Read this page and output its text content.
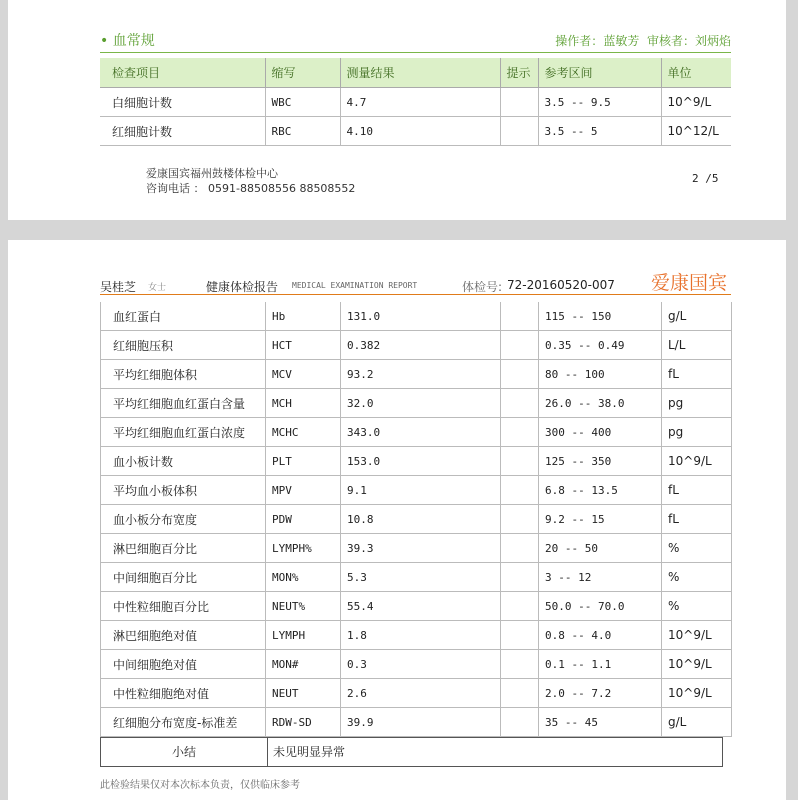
• 血常规	操作者：蓝敏芳 审核者：刘炳焰
检查项目	缩写	测量结果	提示	参考区间	单位
白细胞计数	WBC	4.7		3.5 -- 9.5	10^9/L
红细胞计数	RBC	4.10		3.5 -- 5	10^12/L
爱康国宾福州鼓楼体检中心
咨询电话 ： 0591-88508556 88508552
2 /5
吴桂芝 女士	健康体检报告 MEDICAL EXAMINATION REPORT	体检号: 72-20160520-007 爱康国宾
血红蛋白	Hb	131.0		115 -- 150	g/L
红细胞压积	HCT	0.382		0.35 -- 0.49	L/L
平均红细胞体积	MCV	93.2		80 -- 100	fL
平均红细胞血红蛋白含量	MCH	32.0		26.0 -- 38.0	pg
平均红细胞血红蛋白浓度	MCHC	343.0		300 -- 400	pg
血小板计数	PLT	153.0		125 -- 350	10^9/L
平均血小板体积	MPV	9.1		6.8 -- 13.5	fL
血小板分布宽度	PDW	10.8		9.2 -- 15	fL
淋巴细胞百分比	LYMPH%	39.3		20 -- 50	%
中间细胞百分比	MON%	5.3		3 -- 12	%
中性粒细胞百分比	NEUT%	55.4		50.0 -- 70.0	%
淋巴细胞绝对值	LYMPH	1.8		0.8 -- 4.0	10^9/L
中间细胞绝对值	MON#	0.3		0.1 -- 1.1	10^9/L
中性粒细胞绝对值	NEUT	2.6		2.0 -- 7.2	10^9/L
红细胞分布宽度-标准差	RDW-SD	39.9		35 -- 45	g/L
小结	未见明显异常
此检验结果仅对本次标本负责，仅供临床参考
